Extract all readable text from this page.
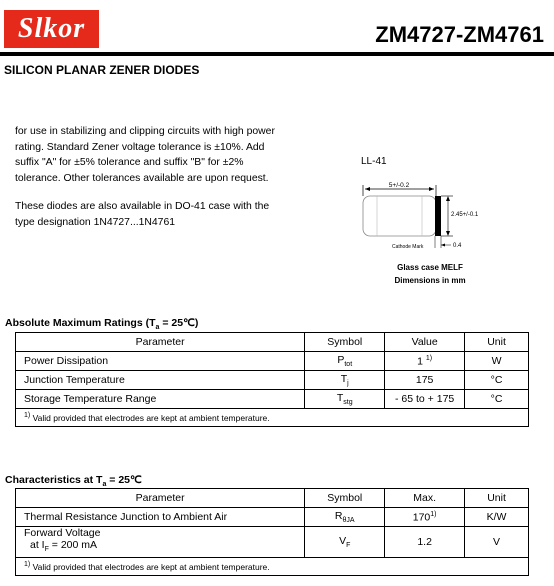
Slkor	ZM4727-ZM4761
SILICON PLANAR ZENER DIODES

for use in stabilizing and clipping circuits with high power rating. Standard Zener voltage tolerance is ±10%. Add suffix "A" for ±5% tolerance and suffix "B" for ±2% tolerance. Other tolerances available are upon request.

These diodes are also available in DO-41 case with the type designation 1N4727...1N4761

LL-41
5+/-0.2
2.45+/-0.1
0.4
Cathode Mark
Glass case MELF
Dimensions in mm
Absolute Maximum Ratings ($T_a$ = 25℃)
Parameter	Symbol	Value	Unit
Power Dissipation	$P_{tot}$	1 $^{1)}$	W
Junction Temperature	$T_j$	175	°C
Storage Temperature Range	$T_{stg}$	- 65 to + 175	°C
$^{1)}$ Valid provided that electrodes are kept at ambient temperature.			
Characteristics at $T_a$ = 25℃
Parameter	Symbol	Max.	Unit
Thermal Resistance Junction to Ambient Air	$R_{\theta JA}$	170$^{1)}$	K/W

Forward Voltage
at $I_F = 200$ mA	$V_F$	1.2	V
$^{1)}$ Valid provided that electrodes are kept at ambient temperature.			
